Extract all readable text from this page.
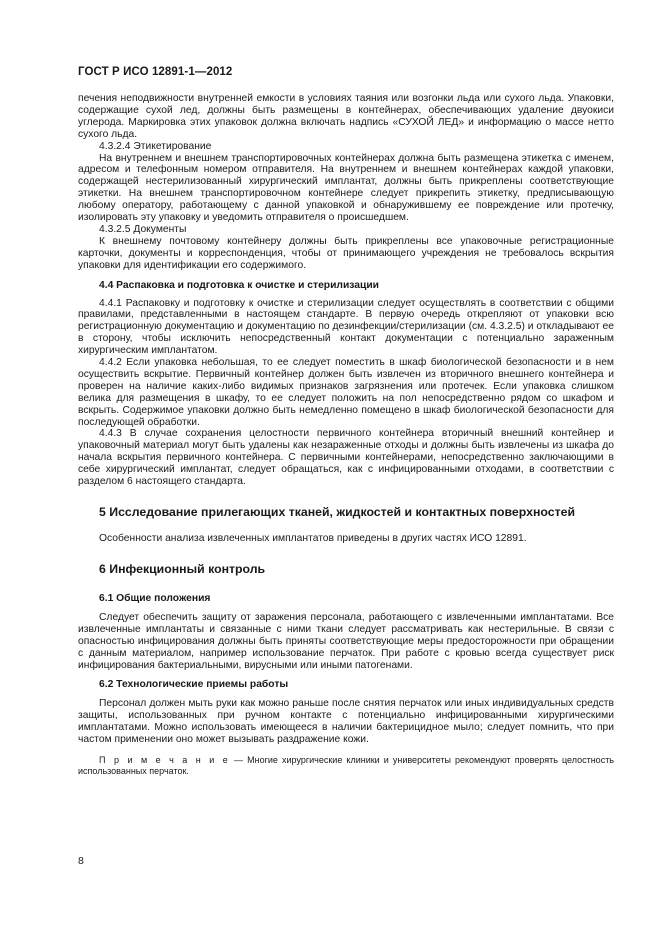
ГОСТ Р ИСО 12891-1—2012

печения неподвижности внутренней емкости в условиях таяния или возгонки льда или сухого льда. Упаковки, содержащие сухой лед, должны быть размещены в контейнерах, обеспечивающих удаление двуокиси углерода. Маркировка этих упаковок должна включать надпись «СУХОЙ ЛЕД» и информацию о массе нетто сухого льда.

4.3.2.4 Этикетирование

На внутреннем и внешнем транспортировочных контейнерах должна быть размещена этикетка с именем, адресом и телефонным номером отправителя. На внутреннем и внешнем контейнерах каждой упаковки, содержащей нестерилизованный хирургический имплантат, должны быть прикреплены соответствующие этикетки. На внешнем транспортировочном контейнере следует прикрепить этикетку, предписывающую любому оператору, работающему с данной упаковкой и обнаружившему ее повреждение или протечку, изолировать эту упаковку и уведомить отправителя о происшедшем.

4.3.2.5 Документы

К внешнему почтовому контейнеру должны быть прикреплены все упаковочные регистрационные карточки, документы и корреспонденция, чтобы от принимающего учреждения не требовалось вскрытия упаковки для идентификации его содержимого.

4.4 Распаковка и подготовка к очистке и стерилизации

4.4.1 Распаковку и подготовку к очистке и стерилизации следует осуществлять в соответствии с общими правилами, представленными в настоящем стандарте. В первую очередь открепляют от упаковки всю регистрационную документацию и документацию по дезинфекции/стерилизации (см. 4.3.2.5) и откладывают ее в сторону, чтобы исключить непосредственный контакт документации с потенциально зараженным хирургическим имплантатом.

4.4.2 Если упаковка небольшая, то ее следует поместить в шкаф биологической безопасности и в нем осуществить вскрытие. Первичный контейнер должен быть извлечен из вторичного внешнего контейнера и проверен на наличие каких-либо видимых признаков загрязнения или протечек. Если упаковка слишком велика для размещения в шкафу, то ее следует положить на пол непосредственно рядом со шкафом и вскрыть. Содержимое упаковки должно быть немедленно помещено в шкаф биологической безопасности для последующей обработки.

4.4.3 В случае сохранения целостности первичного контейнера вторичный внешний контейнер и упаковочный материал могут быть удалены как незараженные отходы и должны быть извлечены из шкафа до начала вскрытия первичного контейнера. С первичными контейнерами, непосредственно заключающими в себе хирургический имплантат, следует обращаться, как с инфицированными отходами, в соответствии с разделом 6 настоящего стандарта.

5 Исследование прилегающих тканей, жидкостей и контактных поверхностей

Особенности анализа извлеченных имплантатов приведены в других частях ИСО 12891.

6 Инфекционный контроль
6.1 Общие положения

Следует обеспечить защиту от заражения персонала, работающего с извлеченными имплантатами. Все извлеченные имплантаты и связанные с ними ткани следует рассматривать как нестерильные. В связи с опасностью инфицирования должны быть приняты соответствующие меры предосторожности при обращении с данным материалом, например использование перчаток. При работе с кровью всегда существует риск инфицирования бактериальными, вирусными или иными патогенами.

6.2 Технологические приемы работы

Персонал должен мыть руки как можно раньше после снятия перчаток или иных индивидуальных средств защиты, использованных при ручном контакте с потенциально инфицированными хирургическими имплантатами. Можно использовать имеющееся в наличии бактерицидное мыло; следует помнить, что при частом применении оно может вызывать раздражение кожи.

П р и м е ч а н и е — Многие хирургические клиники и университеты рекомендуют проверять целостность использованных перчаток.

8
